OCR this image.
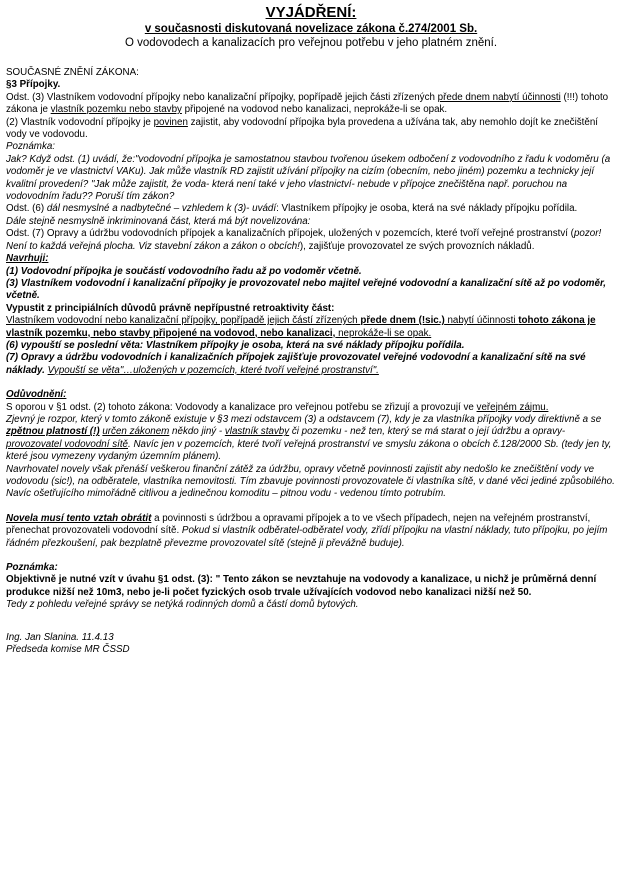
VYJÁDŘENÍ:
v současnosti diskutovaná novelizace zákona č.274/2001 Sb.
O vodovodech a kanalizacích pro veřejnou potřebu v jeho platném znění.

SOUČASNÉ ZNĚNÍ ZÁKONA:

§3 Přípojky.

Odst. (3) Vlastníkem vodovodní přípojky nebo kanalizační přípojky, popřípadě jejich části zřízených přede dnem nabytí účinnosti (!!!) tohoto zákona je vlastník pozemku nebo stavby připojené na vodovod nebo kanalizaci, neprokáže-li se opak.

(2) Vlastník vodovodní přípojky je povinen zajistit, aby vodovodní přípojka byla provedena a užívána tak, aby nemohlo dojít ke znečištění vody ve vodovodu.

Poznámka:

Jak? Když odst. (1) uvádí, že:"vodovodní přípojka je samostatnou stavbou tvořenou úsekem odbočení z vodovodního z řadu k vodoměru (a vodoměr je ve vlastnictví VAKu). Jak může vlastník RD zajistit užívání přípojky na cizím (obecním, nebo jiném) pozemku a technicky její kvalitní provedení? "Jak může zajistit, že voda- která není také v jeho vlastnictví- nebude v přípojce znečištěna např. poruchou na vodovodním řadu?? Poruší tím zákon?

Odst. (6) dál nesmyslné a nadbytečné – vzhledem k (3)- uvádí: Vlastníkem přípojky je osoba, která na své náklady přípojku pořídila.

Dále stejně nesmyslně inkriminovaná část, která má být novelizována:

Odst. (7) Opravy a údržbu vodovodních přípojek a kanalizačních přípojek, uložených v pozemcích, které tvoří veřejné prostranství (pozor! Není to každá veřejná plocha. Viz stavební zákon a zákon o obcích!), zajišťuje provozovatel ze svých provozních nákladů.

Navrhuji:

(1) Vodovodní přípojka je součástí vodovodního řadu až po vodoměr včetně.

(3) Vlastníkem vodovodní i kanalizační přípojky je provozovatel nebo majitel veřejné vodovodní a kanalizační sítě až po vodoměr, včetně.

Vypustit z principiálních důvodů právně nepřípustné retroaktivity část:

Vlastníkem vodovodní nebo kanalizační přípojky, popřípadě jejich částí zřízených přede dnem (!sic.) nabytí účinnosti tohoto zákona je vlastník pozemku, nebo stavby připojené na vodovod, nebo kanalizaci, neprokáže-li se opak.

(6) vypouští se poslední věta: Vlastníkem přípojky je osoba, která na své náklady přípojku pořídila.

(7) Opravy a údržbu vodovodních i kanalizačních přípojek zajišťuje provozovatel veřejné vodovodní a kanalizační sítě na své náklady. Vypouští se věta"…uložených v pozemcích, které tvoří veřejné prostranství".

Odůvodnění:

S oporou v §1 odst. (2) tohoto zákona: Vodovody a kanalizace pro veřejnou potřebu se zřizují a provozují ve veřejném zájmu.

Zjevný je rozpor, který v tomto zákoně existuje v §3 mezi odstavcem (3) a odstavcem (7), kdy je za vlastníka přípojky vody direktivně a se zpětnou platností (!) určen zákonem někdo jiný - vlastník stavby či pozemku - než ten, který se má starat o její údržbu a opravy-provozovatel vodovodní sítě. Navíc jen v pozemcích, které tvoří veřejná prostranství ve smyslu zákona o obcích č.128/2000 Sb. (tedy jen ty, které jsou vymezeny vydaným územním plánem).

Navrhovatel novely však přenáší veškerou finanční zátěž za údržbu, opravy včetně povinnosti zajistit aby nedošlo ke znečištění vody ve vodovodu (sic!), na odběratele, vlastníka nemovitosti. Tím zbavuje povinnosti provozovatele či vlastníka sítě, v dané věci jediné způsobilého. Navíc ošetřujícího mimořádně citlivou a jedinečnou komoditu – pitnou vodu - vedenou tímto potrubím.

Novela musí tento vztah obrátit a povinnosti s údržbou a opravami přípojek a to ve všech případech, nejen na veřejném prostranství, přenechat provozovateli vodovodní sítě. Pokud si vlastník odběratel-odběratel vody, zřídí přípojku na vlastní náklady, tuto přípojku, po jejím řádném přezkoušení, pak bezplatně převezme provozovatel sítě (stejně ji převážně buduje).

Poznámka:

Objektivně je nutné vzít v úvahu §1 odst. (3): " Tento zákon se nevztahuje na vodovody a kanalizace, u nichž je průměrná denní produkce nižší než 10m3, nebo je-li počet fyzických osob trvale užívajících vodovod nebo kanalizaci nižší než 50.

Tedy z pohledu veřejné správy se netýká rodinných domů a částí domů bytových.

Ing. Jan Slanina. 11.4.13

Předseda komise MR ČSSD
